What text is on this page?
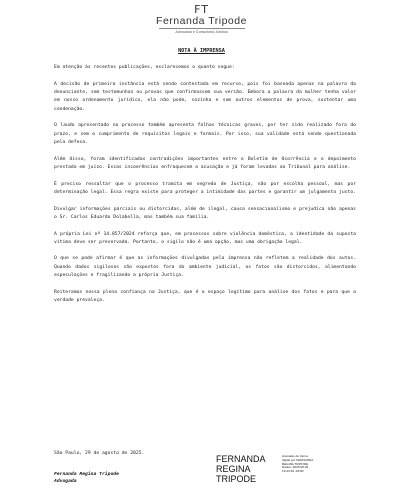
FT
Fernanda Tripode
Advocacia e Consultoria Jurídica
NOTA À IMPRENSA

Em atenção às recentes publicações, esclarecemos o quanto segue:

A decisão de primeira instância está sendo contestada em recurso, pois foi baseada apenas na palavra da denunciante, sem testemunhas ou provas que confirmassem sua versão. Embora a palavra da mulher tenha valor em nosso ordenamento jurídico, ela não pode, sozinha e sem outros elementos de prova, sustentar uma condenação.

O laudo apresentado no processo também apresenta falhas técnicas graves, por ter sido realizado fora do prazo, e sem o cumprimento de requisitos legais e formais. Por isso, sua validade está sendo questionada pela defesa.

Além disso, foram identificadas contradições importantes entre o Boletim de Ocorrência e o depoimento prestado em juízo. Essas incoerências enfraquecem a acusação e já foram levadas ao Tribunal para análise.

É preciso ressaltar que o processo tramita em segredo de Justiça, não por escolha pessoal, mas por determinação legal. Essa regra existe para proteger a intimidade das partes e garantir um julgamento justo.

Divulgar informações parciais ou distorcidas, além de ilegal, causa sensacionalismo e prejudica não apenas o Sr. Carlos Eduardo Dolabella, mas também sua família.

A própria Lei nº 14.857/2024 reforça que, em processos sobre violência doméstica, a identidade da suposta vítima deve ser preservada. Portanto, o sigilo não é uma opção, mas uma obrigação legal.

O que se pode afirmar é que as informações divulgadas pela imprensa não refletem a realidade dos autos. Quando dados sigilosos são expostos fora do ambiente judicial, os fatos são distorcidos, alimentando especulações e fragilizando a própria Justiça.

Reiteramos nossa plena confiança na Justiça, que é o espaço legítimo para análise dos fatos e para que a verdade prevaleça.

São Paulo, 29 de agosto de 2025.
Fernanda Regina Tripode
Advogada
FERNANDA
REGINA
TRIPODE
Assinado de forma
digital por FERNANDA
REGINA TRIPODE
Dados: 2025.08.29
16:43:40 -03'00'
